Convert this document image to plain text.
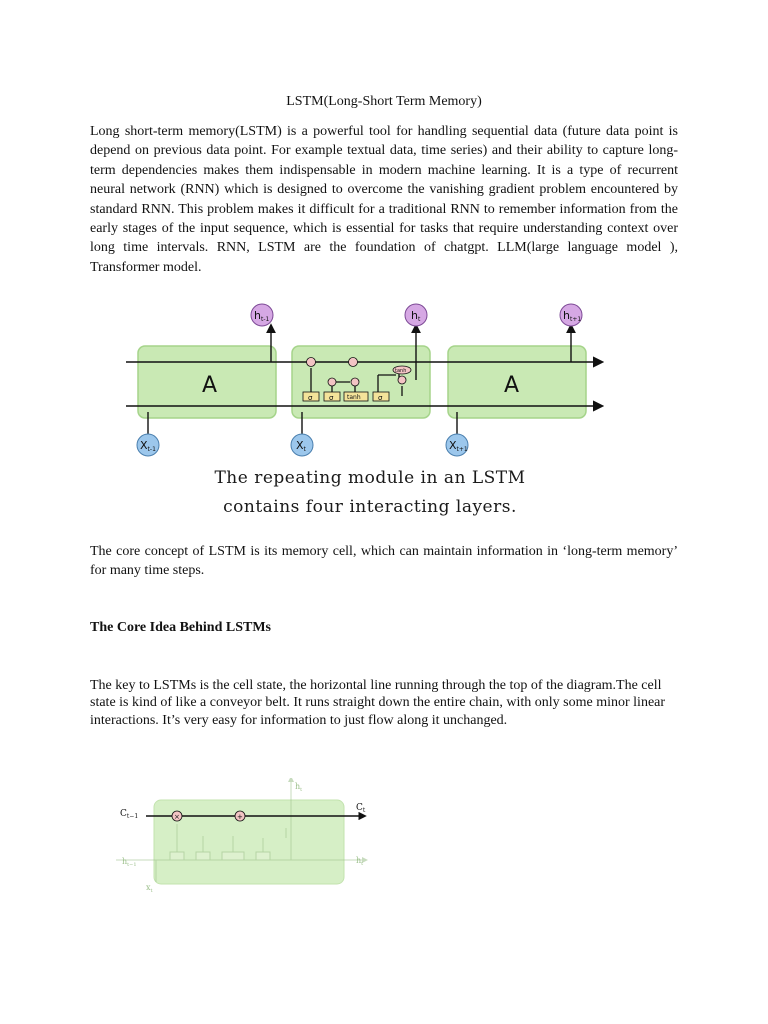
LSTM(Long-Short Term Memory)

Long short-term memory(LSTM) is a powerful tool for handling sequential data (future data point is depend on previous data point. For example textual data, time series) and their ability to capture long-term dependencies makes them indispensable in modern machine learning. It is a type of recurrent neural network (RNN) which is designed to overcome the vanishing gradient problem encountered by standard RNN. This problem makes it difficult for a traditional RNN to remember information from the early stages of the input sequence, which is essential for tasks that require understanding context over long time intervals. RNN, LSTM are the foundation of chatgpt. LLM(large language model ), Transformer model.

A	A
σ σ tanh σ
tanh
ht-1	ht	ht+1
Xt-1	Xt	Xt+1
The repeating module in an LSTM
contains four interacting layers.

The core concept of LSTM is its memory cell, which can maintain information in ‘long-term memory’ for many time steps.

The Core Idea Behind LSTMs

The key to LSTMs is the cell state, the horizontal line running through the top of the diagram.The cell state is kind of like a conveyor belt. It runs straight down the entire chain, with only some minor linear interactions. It’s very easy for information to just flow along it unchanged.

$h_t$
$h_t$
$h_{t-1}$
$x_t$
×	+
$C_{t-1}$
$C_t$
